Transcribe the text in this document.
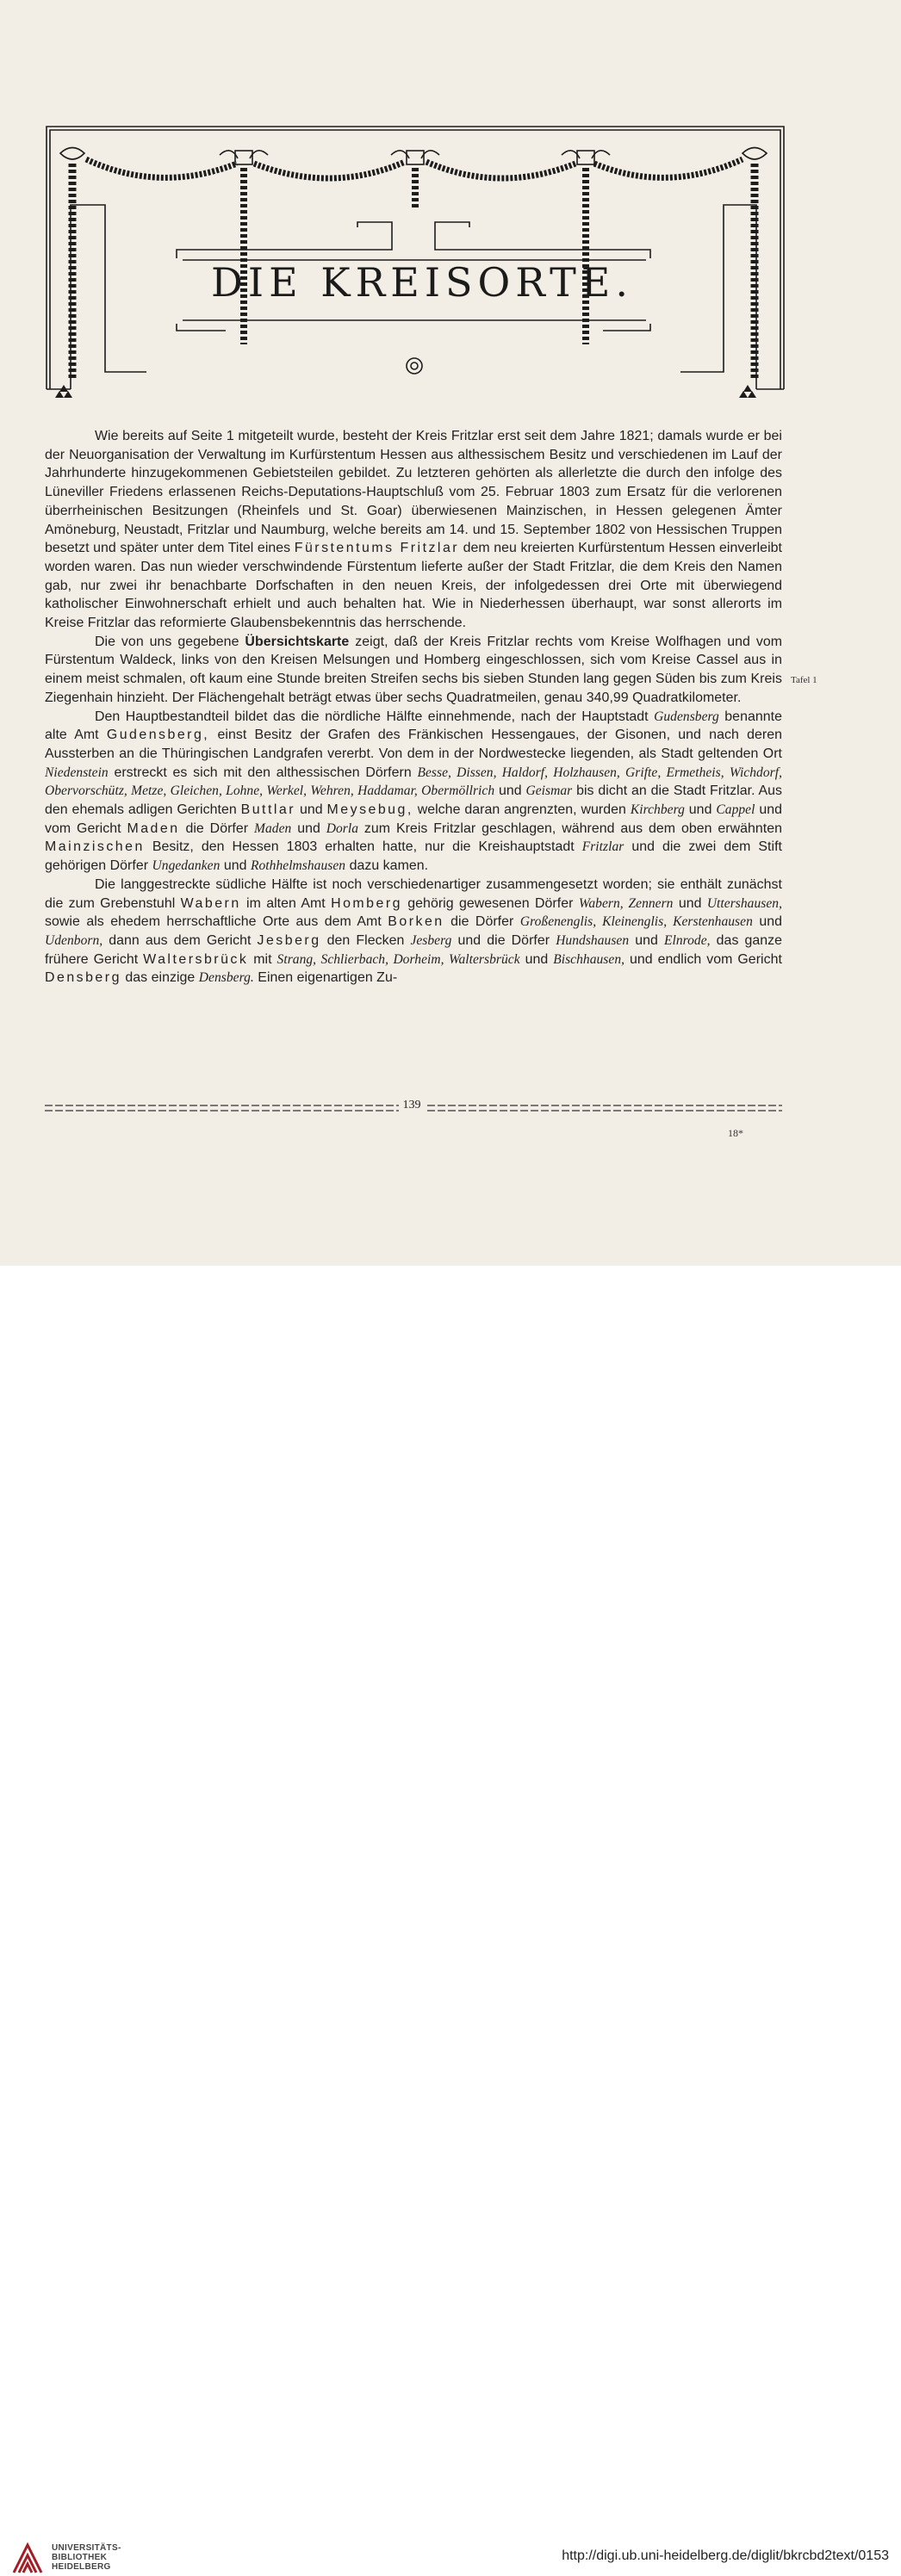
DIE KREISORTE.

Wie bereits auf Seite 1 mitgeteilt wurde, besteht der Kreis Fritzlar erst seit dem Jahre 1821; damals wurde er bei der Neuorganisation der Verwaltung im Kurfürstentum Hessen aus althessischem Besitz und verschiedenen im Lauf der Jahrhunderte hinzugekommenen Gebietsteilen gebildet. Zu letzteren gehörten als allerletzte die durch den infolge des Lüneviller Friedens erlassenen Reichs-Deputations-Hauptschluß vom 25. Februar 1803 zum Ersatz für die verlorenen überrheinischen Besitzungen (Rheinfels und St. Goar) überwiesenen Mainzischen, in Hessen gelegenen Ämter Amöneburg, Neustadt, Fritzlar und Naumburg, welche bereits am 14. und 15. September 1802 von Hessischen Truppen besetzt und später unter dem Titel eines Fürstentums Fritzlar dem neu kreierten Kurfürstentum Hessen einverleibt worden waren. Das nun wieder verschwindende Fürstentum lieferte außer der Stadt Fritzlar, die dem Kreis den Namen gab, nur zwei ihr benachbarte Dorfschaften in den neuen Kreis, der infolgedessen drei Orte mit überwiegend katholischer Einwohnerschaft erhielt und auch behalten hat. Wie in Niederhessen überhaupt, war sonst allerorts im Kreise Fritzlar das reformierte Glaubensbekenntnis das herrschende.

Die von uns gegebene Übersichtskarte zeigt, daß der Kreis Fritzlar rechts vom Kreise Wolfhagen und vom Fürstentum Waldeck, links von den Kreisen Melsungen und Homberg eingeschlossen, sich vom Kreise Cassel aus in einem meist schmalen, oft kaum eine Stunde breiten Streifen sechs bis sieben Stunden lang gegen Süden bis zum Kreis Ziegenhain hinzieht. Der Flächengehalt beträgt etwas über sechs Quadratmeilen, genau 340,99 Quadratkilometer.

Den Hauptbestandteil bildet das die nördliche Hälfte einnehmende, nach der Hauptstadt Gudensberg benannte alte Amt Gudensberg, einst Besitz der Grafen des Fränkischen Hessengaues, der Gisonen, und nach deren Aussterben an die Thüringischen Landgrafen vererbt. Von dem in der Nordwestecke liegenden, als Stadt geltenden Ort Niedenstein erstreckt es sich mit den althessischen Dörfern Besse, Dissen, Haldorf, Holzhausen, Grifte, Ermetheis, Wichdorf, Obervorschütz, Metze, Gleichen, Lohne, Werkel, Wehren, Haddamar, Obermöllrich und Geismar bis dicht an die Stadt Fritzlar. Aus den ehemals adligen Gerichten Buttlar und Meysebug, welche daran angrenzten, wurden Kirchberg und Cappel und vom Gericht Maden die Dörfer Maden und Dorla zum Kreis Fritzlar geschlagen, während aus dem oben erwähnten Mainzischen Besitz, den Hessen 1803 erhalten hatte, nur die Kreishauptstadt Fritzlar und die zwei dem Stift gehörigen Dörfer Ungedanken und Rothhelmshausen dazu kamen.

Die langgestreckte südliche Hälfte ist noch verschiedenartiger zusammengesetzt worden; sie enthält zunächst die zum Grebenstuhl Wabern im alten Amt Homberg gehörig gewesenen Dörfer Wabern, Zennern und Uttershausen, sowie als ehedem herrschaftliche Orte aus dem Amt Borken die Dörfer Großenenglis, Kleinenglis, Kerstenhausen und Udenborn, dann aus dem Gericht Jesberg den Flecken Jesberg und die Dörfer Hundshausen und Elnrode, das ganze frühere Gericht Waltersbrück mit Strang, Schlierbach, Dorheim, Waltersbrück und Bischhausen, und endlich vom Gericht Densberg das einzige Densberg. Einen eigenartigen Zu-

Tafel 1
139
18*
UNIVERSITÄTS-
BIBLIOTHEK
HEIDELBERG
http://digi.ub.uni-heidelberg.de/diglit/bkrcbd2text/0153
